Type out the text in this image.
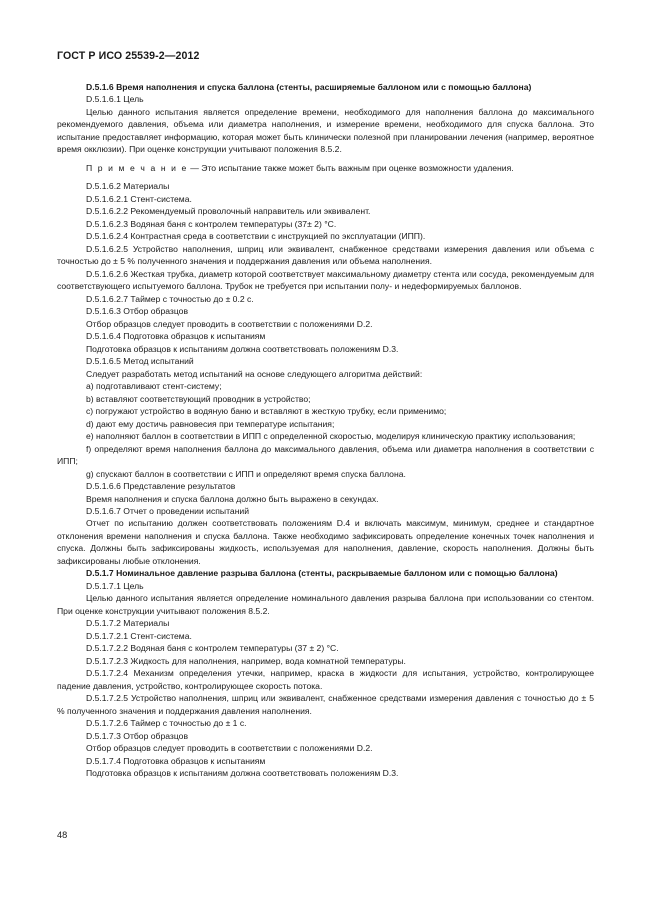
ГОСТ Р ИСО 25539-2—2012

D.5.1.6 Время наполнения и спуска баллона (стенты, расширяемые баллоном или с помощью баллона)

D.5.1.6.1 Цель

Целью данного испытания является определение времени, необходимого для наполнения баллона до максимального рекомендуемого давления, объема или диаметра наполнения, и измерение времени, необходимого для спуска баллона. Это испытание предоставляет информацию, которая может быть клинически полезной при планировании лечения (например, вероятное время окклюзии). При оценке конструкции учитывают положения 8.5.2.

П р и м е ч а н и е — Это испытание также может быть важным при оценке возможности удаления.

D.5.1.6.2 Материалы

D.5.1.6.2.1 Стент-система.

D.5.1.6.2.2 Рекомендуемый проволочный направитель или эквивалент.

D.5.1.6.2.3 Водяная баня с контролем температуры (37± 2) °С.

D.5.1.6.2.4 Контрастная среда в соответствии с инструкцией по эксплуатации (ИПП).

D.5.1.6.2.5 Устройство наполнения, шприц или эквивалент, снабженное средствами измерения давления или объема с точностью до ± 5 % полученного значения и поддержания давления или объема наполнения.

D.5.1.6.2.6 Жесткая трубка, диаметр которой соответствует максимальному диаметру стента или сосуда, рекомендуемым для соответствующего испытуемого баллона. Трубок не требуется при испытании полу- и недеформируемых баллонов.

D.5.1.6.2.7 Таймер с точностью до ± 0.2 с.

D.5.1.6.3 Отбор образцов

Отбор образцов следует проводить в соответствии с положениями D.2.

D.5.1.6.4 Подготовка образцов к испытаниям

Подготовка образцов к испытаниям должна соответствовать положениям D.3.

D.5.1.6.5 Метод испытаний

Следует разработать метод испытаний на основе следующего алгоритма действий:

a) подготавливают стент-систему;

b) вставляют соответствующий проводник в устройство;

c) погружают устройство в водяную баню и вставляют в жесткую трубку, если применимо;

d) дают ему достичь равновесия при температуре испытания;

e) наполняют баллон в соответствии в ИПП с определенной скоростью, моделируя клиническую практику использования;

f) определяют время наполнения баллона до максимального давления, объема или диаметра наполнения в соответствии с ИПП;

g) спускают баллон в соответствии с ИПП и определяют время спуска баллона.

D.5.1.6.6 Представление результатов

Время наполнения и спуска баллона должно быть выражено в секундах.

D.5.1.6.7 Отчет о проведении испытаний

Отчет по испытанию должен соответствовать положениям D.4 и включать максимум, минимум, среднее и стандартное отклонения времени наполнения и спуска баллона. Также необходимо зафиксировать определение конечных точек наполнения и спуска. Должны быть зафиксированы жидкость, используемая для наполнения, давление, скорость наполнения. Должны быть зафиксированы любые отклонения.

D.5.1.7 Номинальное давление разрыва баллона (стенты, раскрываемые баллоном или с помощью баллона)

D.5.1.7.1 Цель

Целью данного испытания является определение номинального давления разрыва баллона при использовании со стентом. При оценке конструкции учитывают положения 8.5.2.

D.5.1.7.2 Материалы

D.5.1.7.2.1 Стент-система.

D.5.1.7.2.2 Водяная баня с контролем температуры (37 ± 2) °С.

D.5.1.7.2.3 Жидкость для наполнения, например, вода комнатной температуры.

D.5.1.7.2.4 Механизм определения утечки, например, краска в жидкости для испытания, устройство, контролирующее падение давления, устройство, контролирующее скорость потока.

D.5.1.7.2.5 Устройство наполнения, шприц или эквивалент, снабженное средствами измерения давления с точностью до ± 5 % полученного значения и поддержания давления наполнения.

D.5.1.7.2.6 Таймер с точностью до ± 1 с.

D.5.1.7.3 Отбор образцов

Отбор образцов следует проводить в соответствии с положениями D.2.

D.5.1.7.4 Подготовка образцов к испытаниям

Подготовка образцов к испытаниям должна соответствовать положениям D.3.

48
